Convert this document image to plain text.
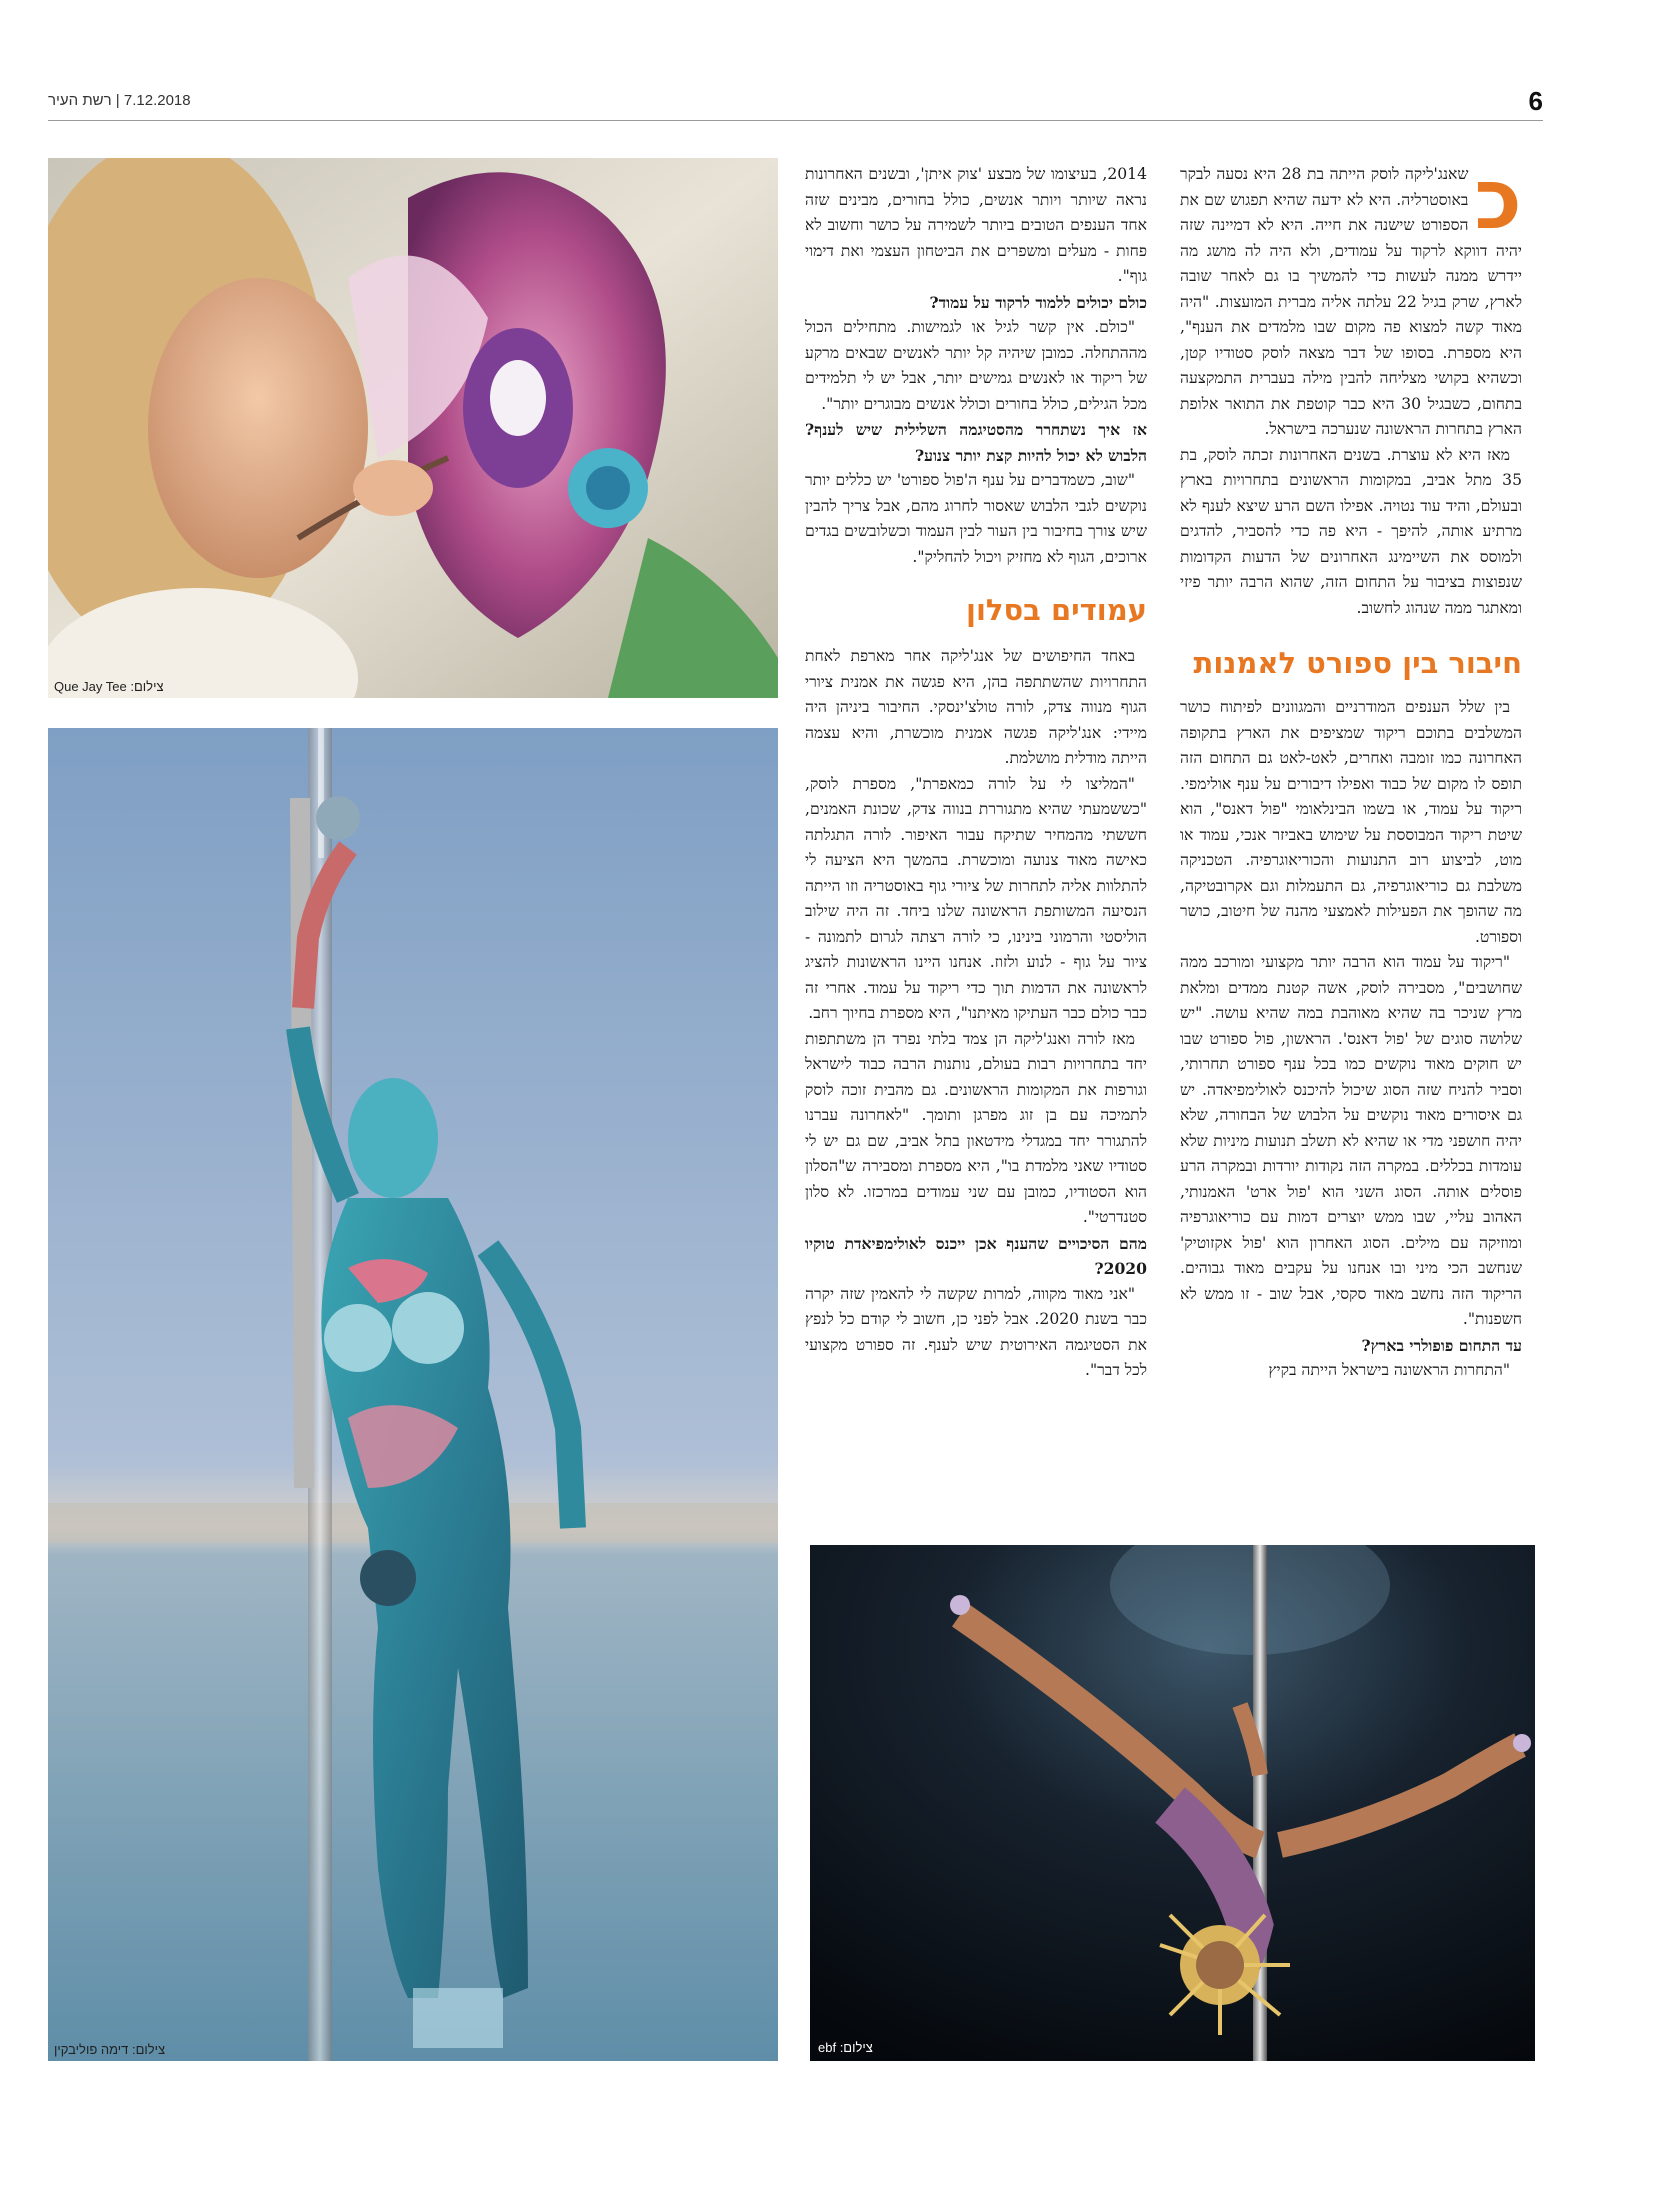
7.12.2018 | רשת העיר	6
כ

שאנג'ליקה לוסק הייתה בת 28 היא נסעה לבקר באוסטרליה. היא לא ידעה שהיא תפגוש שם את הספורט שישנה את חייה. היא לא דמיינה שזה יהיה דווקא לרקוד על עמודים, ולא היה לה מושג מה יידרש ממנה לעשות כדי להמשיך בו גם לאחר שובה לארץ, שרק בגיל 22 עלתה אליה מברית המועצות. "היה מאוד קשה למצוא פה מקום שבו מלמדים את הענף", היא מספרת. בסופו של דבר מצאה לוסק סטודיו קטן, וכשהיא בקושי מצליחה להבין מילה בעברית התמקצעה בתחום, כשבגיל 30 היא כבר קוטפת את התואר אלופת הארץ בתחרות הראשונה שנערכה בישראל.

מאז היא לא עוצרת. בשנים האחרונות זכתה לוסק, בת 35 מתל אביב, במקומות הראשונים בתחרויות בארץ ובעולם, והיד עוד נטויה. אפילו השם הרע שיצא לענף לא מרתיע אותה, להיפך - היא פה כדי להסביר, להדגים ולמוסס את השיימינג האחרונים של הדעות הקדומות שנפוצות בציבור על התחום הזה, שהוא הרבה יותר פיזי ומאתגר ממה שנהוג לחשוב.

חיבור בין ספורט לאמנות

בין שלל הענפים המודרניים והמגוונים לפיתוח כושר המשלבים בתוכם ריקוד שמציפים את הארץ בתקופה האחרונה כמו זומבה ואחרים, לאט-לאט גם התחום הזה תופס לו מקום של כבוד ואפילו דיבורים על ענף אולימפי. ריקוד על עמוד, או בשמו הבינלאומי "פול דאנס", הוא שיטת ריקוד המבוססת על שימוש באביזר אנכי, עמוד או מוט, לביצוע רוב התנועות והכוריאוגרפיה. הטכניקה משלבת גם כוריאוגרפיה, גם התעמלות וגם אקרובטיקה, מה שהופך את הפעילות לאמצעי מהנה של חיטוב, כושר וספורט.

"ריקוד על עמוד הוא הרבה יותר מקצועי ומורכב ממה שחושבים", מסבירה לוסק, אשה קטנת ממדים ומלאת מרץ שניכר בה שהיא מאוהבת במה שהיא עושה. "יש שלושה סוגים של 'פול דאנס'. הראשון, פול ספורט שבו יש חוקים מאוד נוקשים כמו בכל ענף ספורט תחרותי, וסביר להניח שזה הסוג שיכול להיכנס לאולימפיאדה. יש גם איסורים מאוד נוקשים על הלבוש של הבחורה, שלא יהיה חושפני מדי או שהיא לא תשלב תנועות מיניות שלא עומדות בכללים. במקרה הזה נקודות יורדות ובמקרה הרע פוסלים אותה. הסוג השני הוא 'פול ארט' האמנותי, האהוב עליי, שבו ממש יוצרים דמות עם כוריאוגרפיה ומוזיקה עם מילים. הסוג האחרון הוא 'פול אקזוטיק' שנחשב הכי מיני ובו אנחנו על עקבים מאוד גבוהים. הריקוד הזה נחשב מאוד סקסי, אבל שוב - זו ממש לא חשפנות".

עד התחום פופולרי בארץ?

"התחרות הראשונה בישראל הייתה בקיץ

2014, בעיצומו של מבצע 'צוק איתן', ובשנים האחרונות נראה שיותר ויותר אנשים, כולל בחורים, מבינים שזה אחד הענפים הטובים ביותר לשמירה על כושר וחשוב לא פחות - מעלים ומשפרים את הביטחון העצמי ואת דימוי גוף".

כולם יכולים ללמוד לרקוד על עמוד?

"כולם. אין קשר לגיל או לגמישות. מתחילים הכול מההתחלה. כמובן שיהיה קל יותר לאנשים שבאים מרקע של ריקוד או לאנשים גמישים יותר, אבל יש לי תלמידים מכל הגילים, כולל בחורים וכולל אנשים מבוגרים יותר".

אז איך נשתחרר מהסטיגמה השלילית שיש לענף? הלבוש לא יכול להיות קצת יותר צנוע?

"שוב, כשמדברים על ענף ה'פול ספורט' יש כללים יותר נוקשים לגבי הלבוש שאסור לחרוג מהם, אבל צריך להבין שיש צורך בחיבור בין העור לבין העמוד וכשלובשים בגדים ארוכים, הגוף לא מחזיק ויכול להחליק".

עמודים בסלון

באחד החיפושים של אנג'ליקה אחר מארפת לאחת התחרויות שהשתתפה בהן, היא פגשה את אמנית ציורי הגוף מנווה צדק, לורה טולצ'ינסקי. החיבור ביניהן היה מיידי: אנג'ליקה פגשה אמנית מוכשרת, והיא עצמה הייתה מודלית מושלמת.

"המליצו לי על לורה כמאפרת", מספרת לוסק, "כששמעתי שהיא מתגוררת בנווה צדק, שכונת האמנים, חששתי מהמחיר שתיקח עבור האיפור. לורה התגלתה כאישה מאוד צנועה ומוכשרת. בהמשך היא הציעה לי להתלוות אליה לתחרות של ציורי גוף באוסטריה וזו הייתה הנסיעה המשותפת הראשונה שלנו ביחד. זה היה שילוב הוליסטי והרמוני בינינו, כי לורה רצתה לגרום לתמונה - ציור על גוף - לנוע ולזוז. אנחנו היינו הראשונות להציג לראשונה את הדמות תוך כדי ריקוד על עמוד. אחרי זה כבר כולם כבר העתיקו מאיתנו", היא מספרת בחיוך רחב.

מאז לורה ואנג'ליקה הן צמד בלתי נפרד הן משתתפות יחד בתחרויות רבות בעולם, נותנות הרבה כבוד לישראל וגורפות את המקומות הראשונים. גם מהבית זוכה לוסק לתמיכה עם בן זוג מפרגן ותומך. "לאחרונה עברנו להתגורר יחד במגדלי מידטאון בתל אביב, שם גם יש לי סטודיו שאני מלמדת בו", היא מספרת ומסבירה ש"הסלון הוא הסטודיו, כמובן עם שני עמודים במרכזו. לא סלון סטנדרטי".

מהם הסיכויים שהענף אכן ייכנס לאולימפיאדת טוקיו 2020?

"אני מאוד מקווה, למרות שקשה לי להאמין שזה יקרה כבר בשנת 2020. אבל לפני כן, חשוב לי קודם כל לנפץ את הסטיגמה האירוטית שיש לענף. זה ספורט מקצועי לכל דבר".

צילום: Que Jay Tee
צילום: דימה פוליבקין	צילום: ebf
